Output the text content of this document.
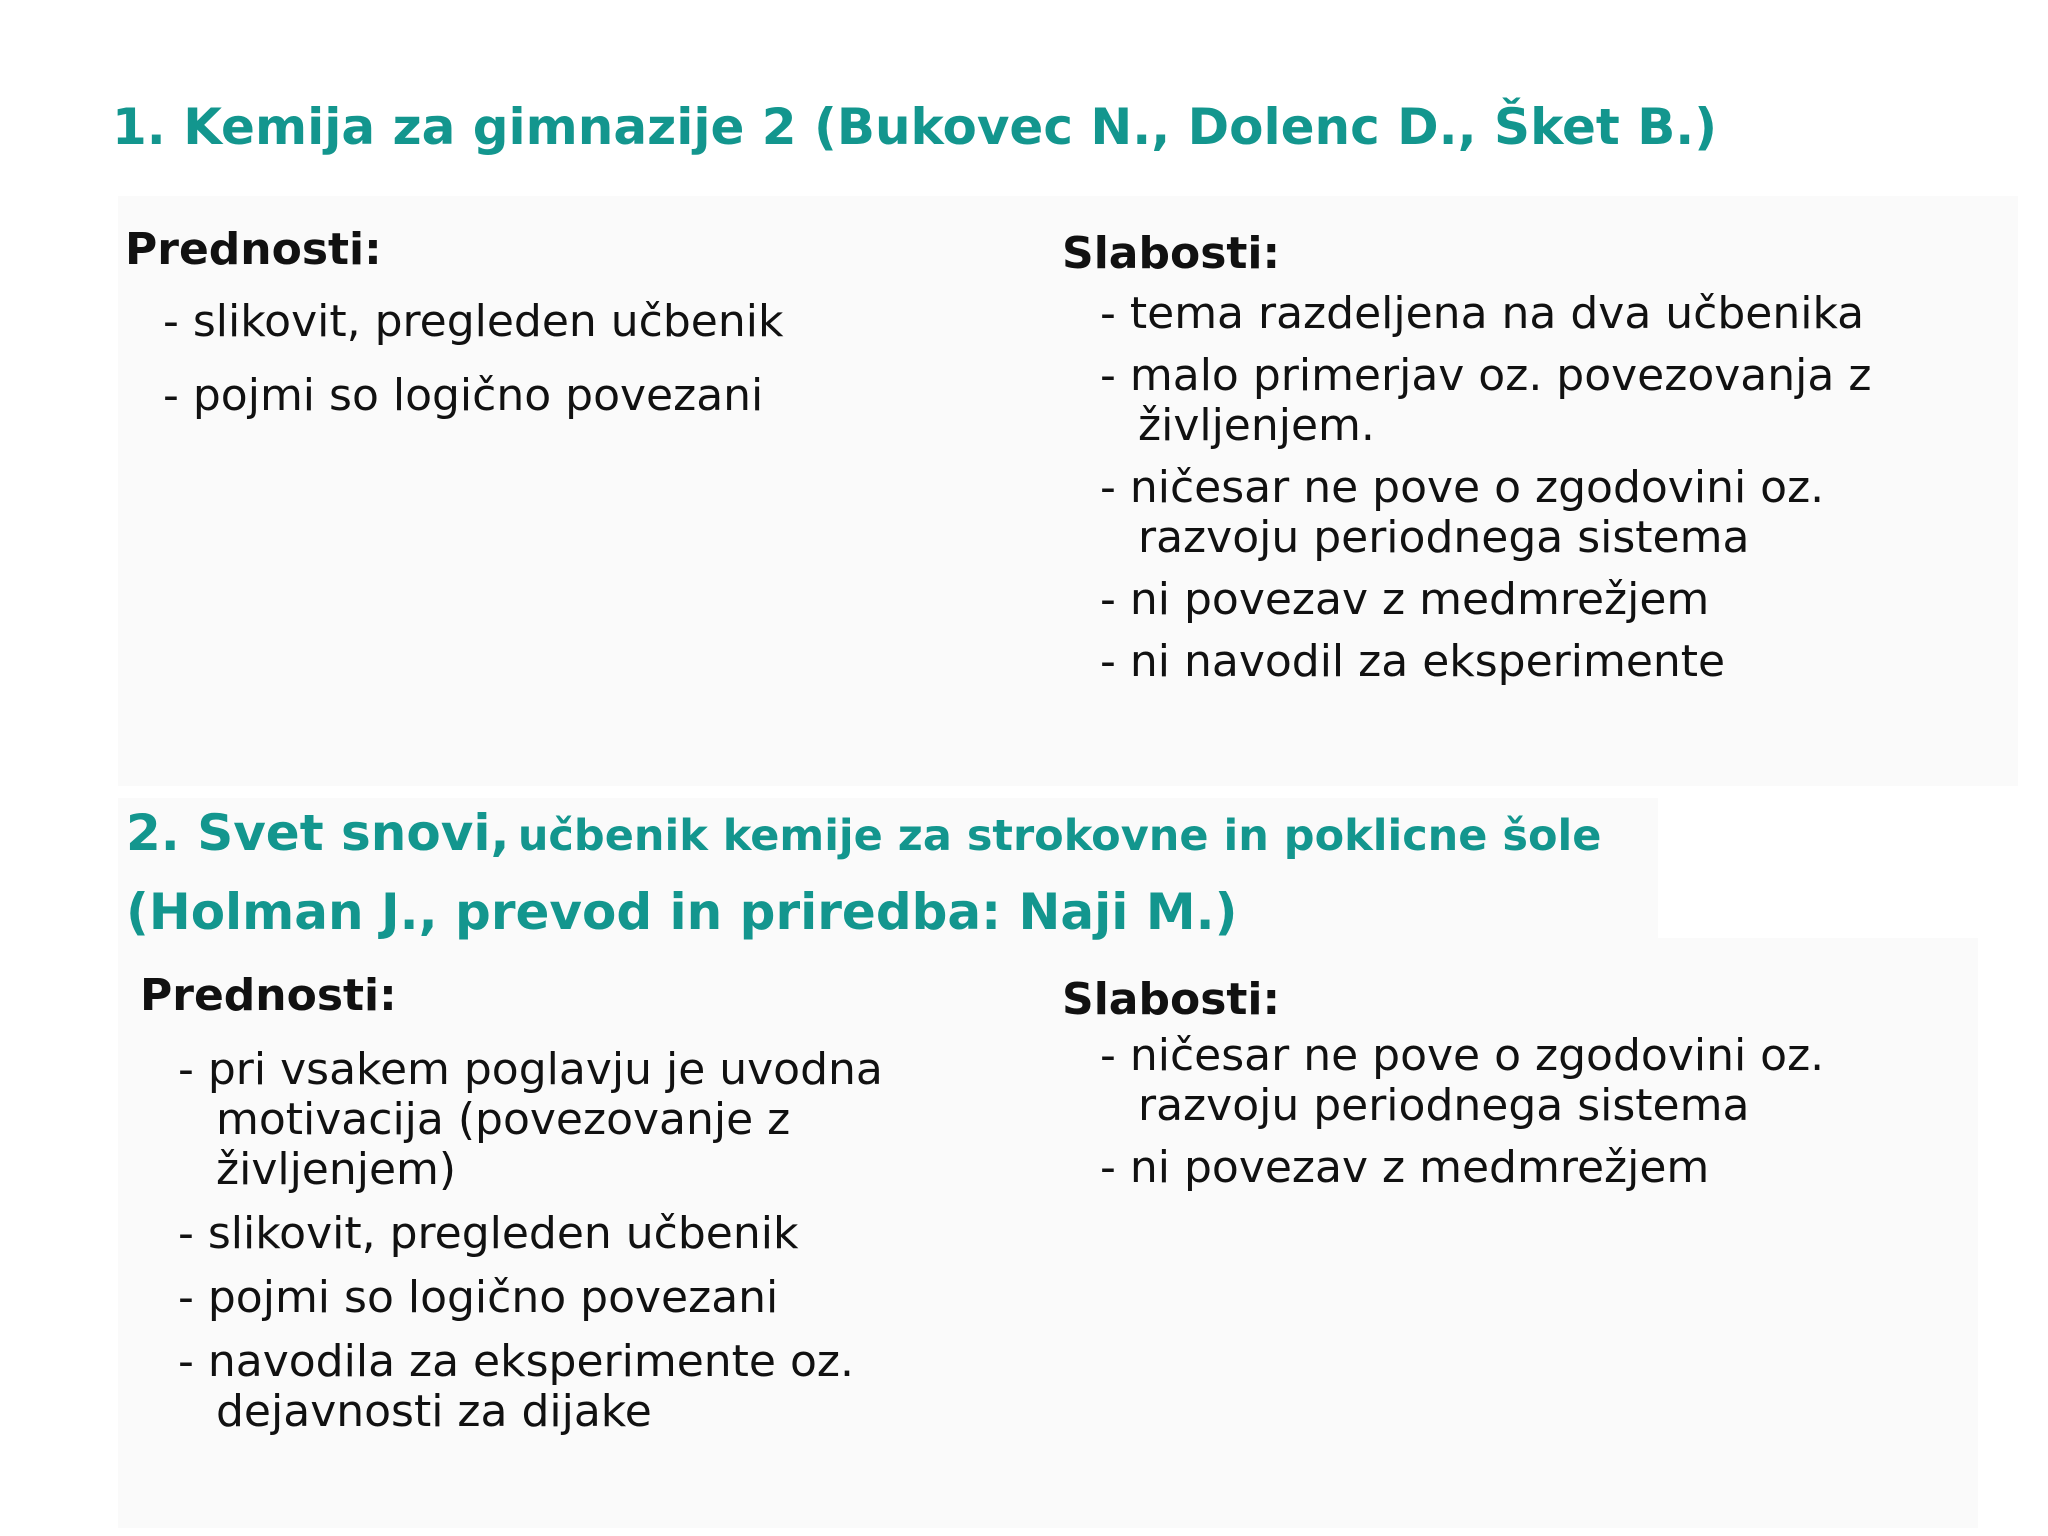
1. Kemija za gimnazije 2 (Bukovec N., Dolenc D., Šket B.)

Prednosti:

- slikovit, pregleden učbenik
- pojmi so logično povezani

Slabosti:

- tema razdeljena na dva učbenika
- malo primerjav oz. povezovanja z življenjem.
- ničesar ne pove o zgodovini oz. razvoju periodnega sistema
- ni povezav z medmrežjem
- ni navodil za eksperimente
2. Svet snovi, učbenik kemije za strokovne in poklicne šole
(Holman J., prevod in priredba: Naji M.)

Prednosti:

- pri vsakem poglavju je uvodna motivacija (povezovanje z življenjem)
- slikovit, pregleden učbenik
- pojmi so logično povezani
- navodila za eksperimente oz. dejavnosti za dijake

Slabosti:

- ničesar ne pove o zgodovini oz. razvoju periodnega sistema
- ni povezav z medmrežjem
